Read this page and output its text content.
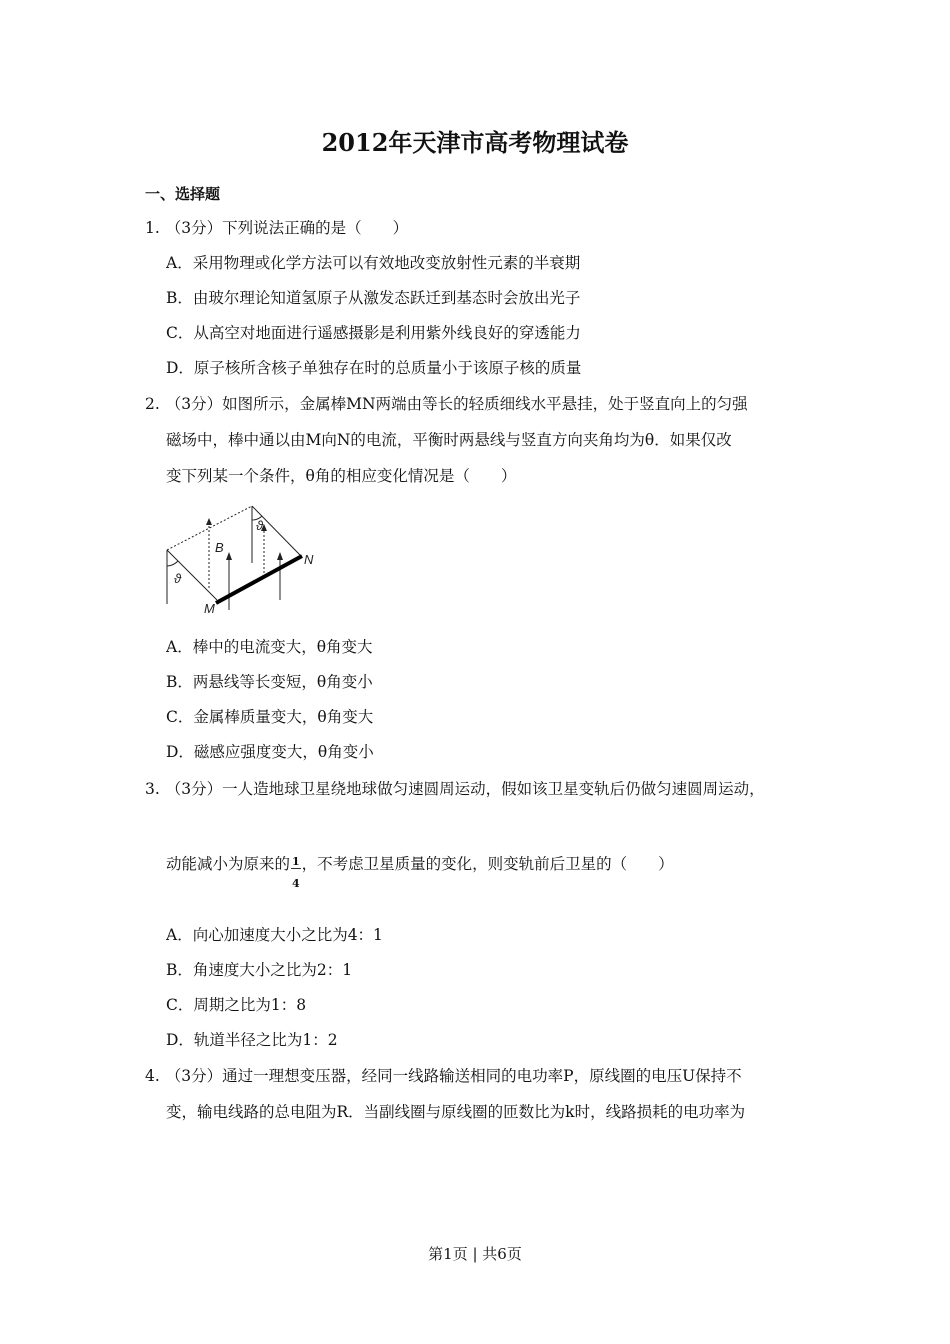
2012年天津市高考物理试卷
一、选择题
1. （3分）下列说法正确的是（　　）
A．采用物理或化学方法可以有效地改变放射性元素的半衰期
B．由玻尔理论知道氢原子从激发态跃迁到基态时会放出光子
C．从高空对地面进行遥感摄影是利用紫外线良好的穿透能力
D．原子核所含核子单独存在时的总质量小于该原子核的质量
2. （3分）如图所示，金属棒MN两端由等长的轻质细线水平悬挂，处于竖直向上的匀强
磁场中，棒中通以由M向N的电流，平衡时两悬线与竖直方向夹角均为θ．如果仅改
变下列某一个条件，θ角的相应变化情况是（　　）
B
M
N
ϑ
ϑ
A．棒中的电流变大，θ角变大
B．两悬线等长变短，θ角变小
C．金属棒质量变大，θ角变大
D．磁感应强度变大，θ角变小
3. （3分）一人造地球卫星绕地球做匀速圆周运动，假如该卫星变轨后仍做匀速圆周运动，
动能减小为原来的 $\frac{1}{4}$ ，不考虑卫星质量的变化，则变轨前后卫星的（　　）
A．向心加速度大小之比为4：1
B．角速度大小之比为2：1
C．周期之比为1：8
D．轨道半径之比为1：2
4. （3分）通过一理想变压器，经同一线路输送相同的电功率P，原线圈的电压U保持不
变，输电线路的总电阻为R．当副线圈与原线圈的匝数比为k时，线路损耗的电功率为
第1页 | 共6页
